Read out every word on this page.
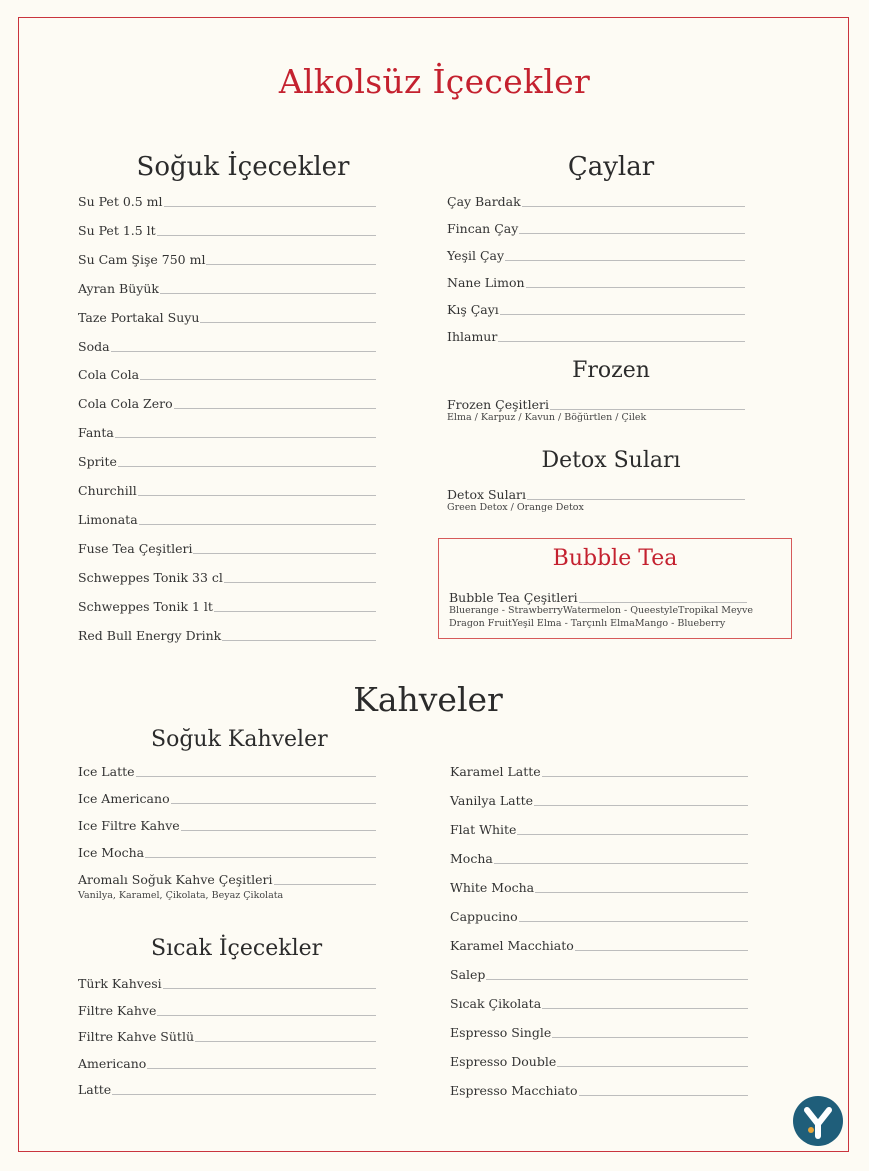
Alkolsüz İçecekler
Soğuk İçecekler
Su Pet 0.5 ml
Su Pet 1.5 lt
Su Cam Şişe 750 ml
Ayran Büyük
Taze Portakal Suyu
Soda
Cola Cola
Cola Cola Zero
Fanta
Sprite
Churchill
Limonata
Fuse Tea Çeşitleri
Schweppes Tonik 33 cl
Schweppes Tonik 1 lt
Red Bull Energy Drink
Çaylar
Çay Bardak
Fincan Çay
Yeşil Çay
Nane Limon
Kış Çayı
Ihlamur
Frozen
Frozen Çeşitleri
Elma / Karpuz / Kavun / Böğürtlen / Çilek
Detox Suları
Detox Suları
Green Detox / Orange Detox
Bubble Tea
Bubble Tea Çeşitleri
Bluerange - StrawberryWatermelon - QueestyleTropikal Meyve
Dragon FruitYeşil Elma - Tarçınlı ElmaMango - Blueberry
Kahveler
Soğuk Kahveler
Ice Latte
Ice Americano
Ice Filtre Kahve
Ice Mocha
Aromalı Soğuk Kahve Çeşitleri
Vanilya, Karamel, Çikolata, Beyaz Çikolata
Sıcak İçecekler
Türk Kahvesi
Filtre Kahve
Filtre Kahve Sütlü
Americano
Latte
Karamel Latte
Vanilya Latte
Flat White
Mocha
White Mocha
Cappucino
Karamel Macchiato
Salep
Sıcak Çikolata
Espresso Single
Espresso Double
Espresso Macchiato
